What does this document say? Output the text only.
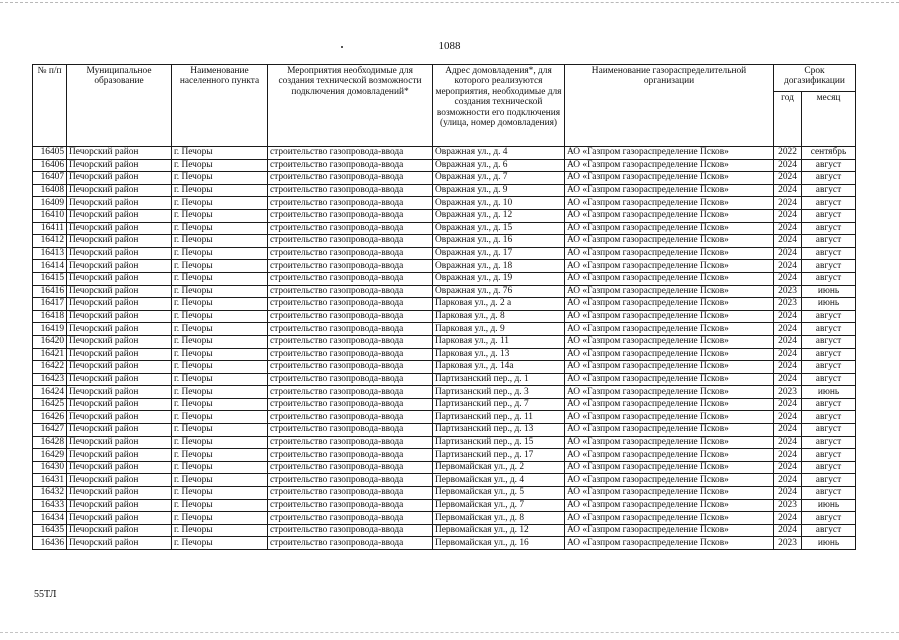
1088
№ п/п	Муниципальное образование	Наименование населенного пункта	Мероприятия необходимые для создания технической возможности подключения домовладений*	Адрес домовладения*, для которого реализуются мероприятия, необходимые для создания технической возможности его подключения (улица, номер домовладения)	Наименование газораспределительной организации	Срок догазификации	
						год	месяц
16405	Печорский район	г. Печоры	строительство газопровода-ввода	Овражная ул., д. 4	АО «Газпром газораспределение Псков»	2022	сентябрь
16406	Печорский район	г. Печоры	строительство газопровода-ввода	Овражная ул., д. 6	АО «Газпром газораспределение Псков»	2024	август
16407	Печорский район	г. Печоры	строительство газопровода-ввода	Овражная ул., д. 7	АО «Газпром газораспределение Псков»	2024	август
16408	Печорский район	г. Печоры	строительство газопровода-ввода	Овражная ул., д. 9	АО «Газпром газораспределение Псков»	2024	август
16409	Печорский район	г. Печоры	строительство газопровода-ввода	Овражная ул., д. 10	АО «Газпром газораспределение Псков»	2024	август
16410	Печорский район	г. Печоры	строительство газопровода-ввода	Овражная ул., д. 12	АО «Газпром газораспределение Псков»	2024	август
16411	Печорский район	г. Печоры	строительство газопровода-ввода	Овражная ул., д. 15	АО «Газпром газораспределение Псков»	2024	август
16412	Печорский район	г. Печоры	строительство газопровода-ввода	Овражная ул., д. 16	АО «Газпром газораспределение Псков»	2024	август
16413	Печорский район	г. Печоры	строительство газопровода-ввода	Овражная ул., д. 17	АО «Газпром газораспределение Псков»	2024	август
16414	Печорский район	г. Печоры	строительство газопровода-ввода	Овражная ул., д. 18	АО «Газпром газораспределение Псков»	2024	август
16415	Печорский район	г. Печоры	строительство газопровода-ввода	Овражная ул., д. 19	АО «Газпром газораспределение Псков»	2024	август
16416	Печорский район	г. Печоры	строительство газопровода-ввода	Овражная ул., д. 76	АО «Газпром газораспределение Псков»	2023	июнь
16417	Печорский район	г. Печоры	строительство газопровода-ввода	Парковая ул., д. 2 а	АО «Газпром газораспределение Псков»	2023	июнь
16418	Печорский район	г. Печоры	строительство газопровода-ввода	Парковая ул., д. 8	АО «Газпром газораспределение Псков»	2024	август
16419	Печорский район	г. Печоры	строительство газопровода-ввода	Парковая ул., д. 9	АО «Газпром газораспределение Псков»	2024	август
16420	Печорский район	г. Печоры	строительство газопровода-ввода	Парковая ул., д. 11	АО «Газпром газораспределение Псков»	2024	август
16421	Печорский район	г. Печоры	строительство газопровода-ввода	Парковая ул., д. 13	АО «Газпром газораспределение Псков»	2024	август
16422	Печорский район	г. Печоры	строительство газопровода-ввода	Парковая ул., д. 14а	АО «Газпром газораспределение Псков»	2024	август
16423	Печорский район	г. Печоры	строительство газопровода-ввода	Партизанский пер., д. 1	АО «Газпром газораспределение Псков»	2024	август
16424	Печорский район	г. Печоры	строительство газопровода-ввода	Партизанский пер., д. 3	АО «Газпром газораспределение Псков»	2023	июнь
16425	Печорский район	г. Печоры	строительство газопровода-ввода	Партизанский пер., д. 7	АО «Газпром газораспределение Псков»	2024	август
16426	Печорский район	г. Печоры	строительство газопровода-ввода	Партизанский пер., д. 11	АО «Газпром газораспределение Псков»	2024	август
16427	Печорский район	г. Печоры	строительство газопровода-ввода	Партизанский пер., д. 13	АО «Газпром газораспределение Псков»	2024	август
16428	Печорский район	г. Печоры	строительство газопровода-ввода	Партизанский пер., д. 15	АО «Газпром газораспределение Псков»	2024	август
16429	Печорский район	г. Печоры	строительство газопровода-ввода	Партизанский пер., д. 17	АО «Газпром газораспределение Псков»	2024	август
16430	Печорский район	г. Печоры	строительство газопровода-ввода	Первомайская ул., д. 2	АО «Газпром газораспределение Псков»	2024	август
16431	Печорский район	г. Печоры	строительство газопровода-ввода	Первомайская ул., д. 4	АО «Газпром газораспределение Псков»	2024	август
16432	Печорский район	г. Печоры	строительство газопровода-ввода	Первомайская ул., д. 5	АО «Газпром газораспределение Псков»	2024	август
16433	Печорский район	г. Печоры	строительство газопровода-ввода	Первомайская ул., д. 7	АО «Газпром газораспределение Псков»	2023	июнь
16434	Печорский район	г. Печоры	строительство газопровода-ввода	Первомайская ул., д. 8	АО «Газпром газораспределение Псков»	2024	август
16435	Печорский район	г. Печоры	строительство газопровода-ввода	Первомайская ул., д. 12	АО «Газпром газораспределение Псков»	2024	август
16436	Печорский район	г. Печоры	строительство газопровода-ввода	Первомайская ул., д. 16	АО «Газпром газораспределение Псков»	2023	июнь
55ТЛ
